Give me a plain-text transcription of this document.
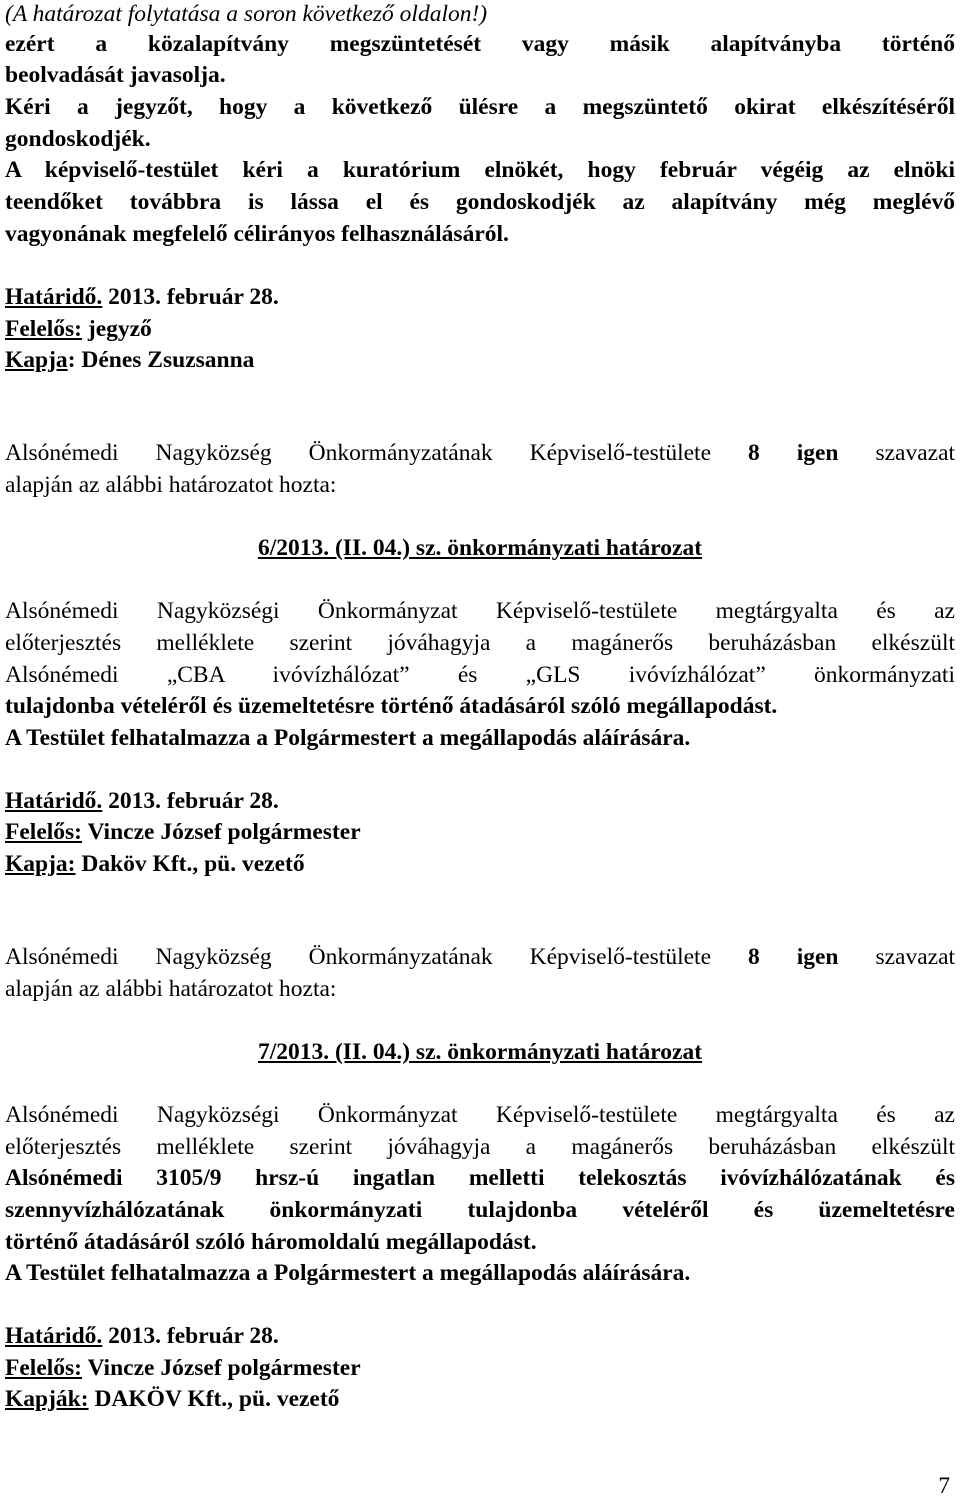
(A határozat folytatása a soron következő oldalon!)
ezért a közalapítvány megszüntetését vagy másik alapítványba történő
beolvadását javasolja.
Kéri a jegyzőt, hogy a következő ülésre a megszüntető okirat elkészítéséről
gondoskodjék.
A képviselő-testület kéri a kuratórium elnökét, hogy február végéig az elnöki
teendőket továbbra is lássa el és gondoskodjék az alapítvány még meglévő
vagyonának megfelelő célirányos felhasználásáról.
Határidő. 2013. február 28.
Felelős: jegyző
Kapja: Dénes Zsuzsanna
Alsónémedi Nagyközség Önkormányzatának Képviselő-testülete 8 igen szavazat
alapján az alábbi határozatot hozta:
6/2013. (II. 04.) sz. önkormányzati határozat
Alsónémedi Nagyközségi Önkormányzat Képviselő-testülete megtárgyalta és az
előterjesztés melléklete szerint jóváhagyja a magánerős beruházásban elkészült
Alsónémedi „CBA ivóvízhálózat” és „GLS ivóvízhálózat” önkormányzati
tulajdonba vételéről és üzemeltetésre történő átadásáról szóló megállapodást.
A Testület felhatalmazza a Polgármestert a megállapodás aláírására.
Határidő. 2013. február 28.
Felelős: Vincze József polgármester
Kapja: Daköv Kft., pü. vezető
Alsónémedi Nagyközség Önkormányzatának Képviselő-testülete 8 igen szavazat
alapján az alábbi határozatot hozta:
7/2013. (II. 04.) sz. önkormányzati határozat
Alsónémedi Nagyközségi Önkormányzat Képviselő-testülete megtárgyalta és az
előterjesztés melléklete szerint jóváhagyja a magánerős beruházásban elkészült
Alsónémedi 3105/9 hrsz-ú ingatlan melletti telekosztás ivóvízhálózatának és
szennyvízhálózatának önkormányzati tulajdonba vételéről és üzemeltetésre
történő átadásáról szóló háromoldalú megállapodást.
A Testület felhatalmazza a Polgármestert a megállapodás aláírására.
Határidő. 2013. február 28.
Felelős: Vincze József polgármester
Kapják: DAKÖV Kft., pü. vezető
7
